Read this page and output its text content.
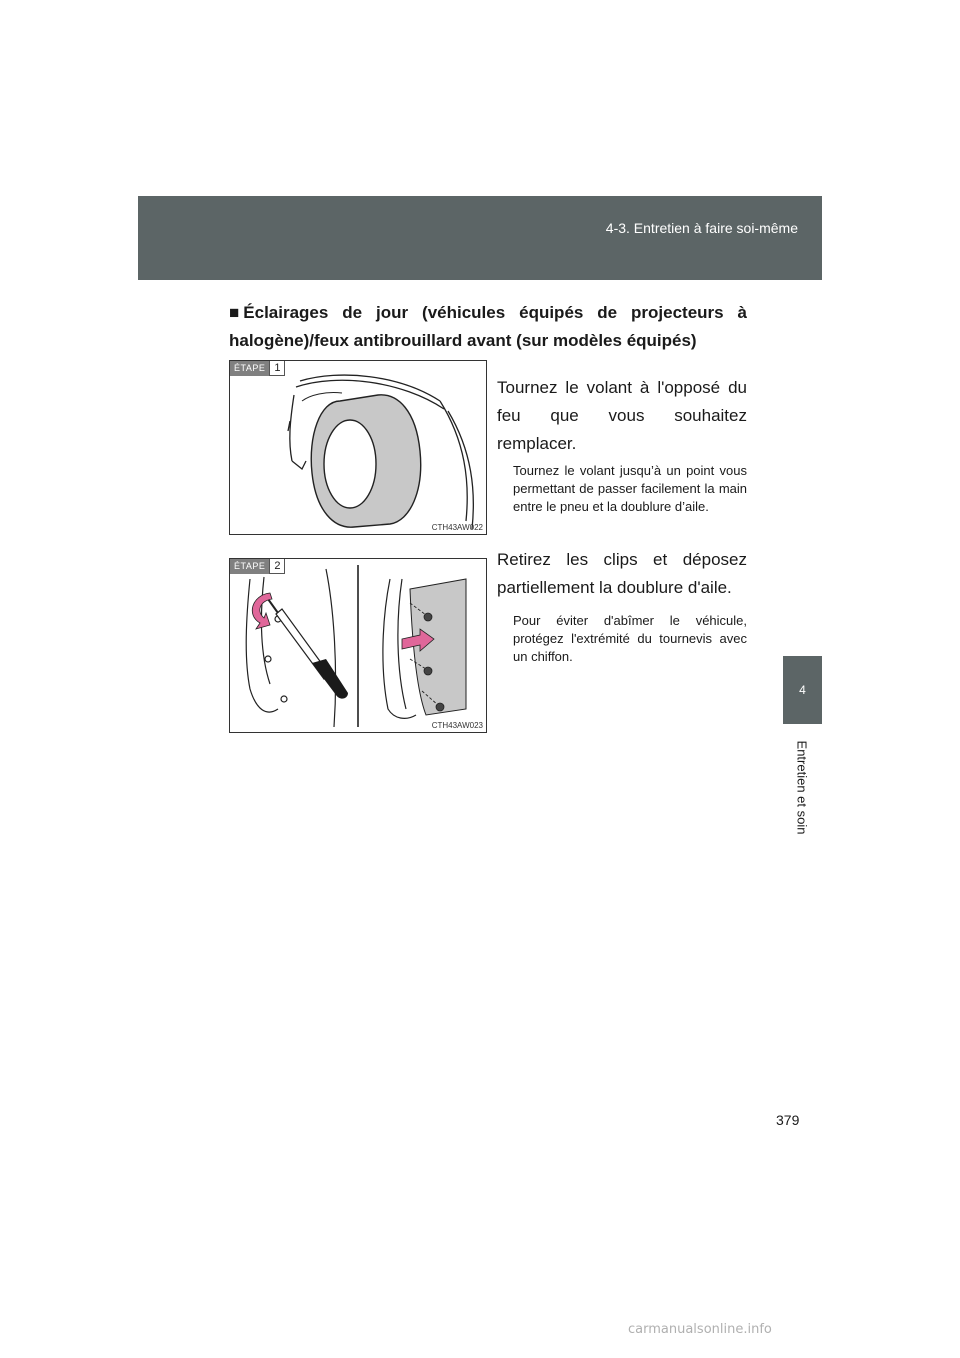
4-3. Entretien à faire soi-même
4
Entretien et soin
■ Éclairages de jour (véhicules équipés de projecteurs à halogène)/feux antibrouillard avant (sur modèles équipés)
ÉTAPE 1
CTH43AW022
Tournez le volant à l'opposé du feu que vous souhaitez remplacer.
Tournez le volant jusqu’à un point vous permettant de passer facilement la main entre le pneu et la doublure d’aile.
ÉTAPE 2
CTH43AW023
Retirez les clips et déposez partiellement la doublure d'aile.
Pour éviter d'abîmer le véhicule, protégez l'extrémité du tournevis avec un chiffon.
379
carmanualsonline.info
